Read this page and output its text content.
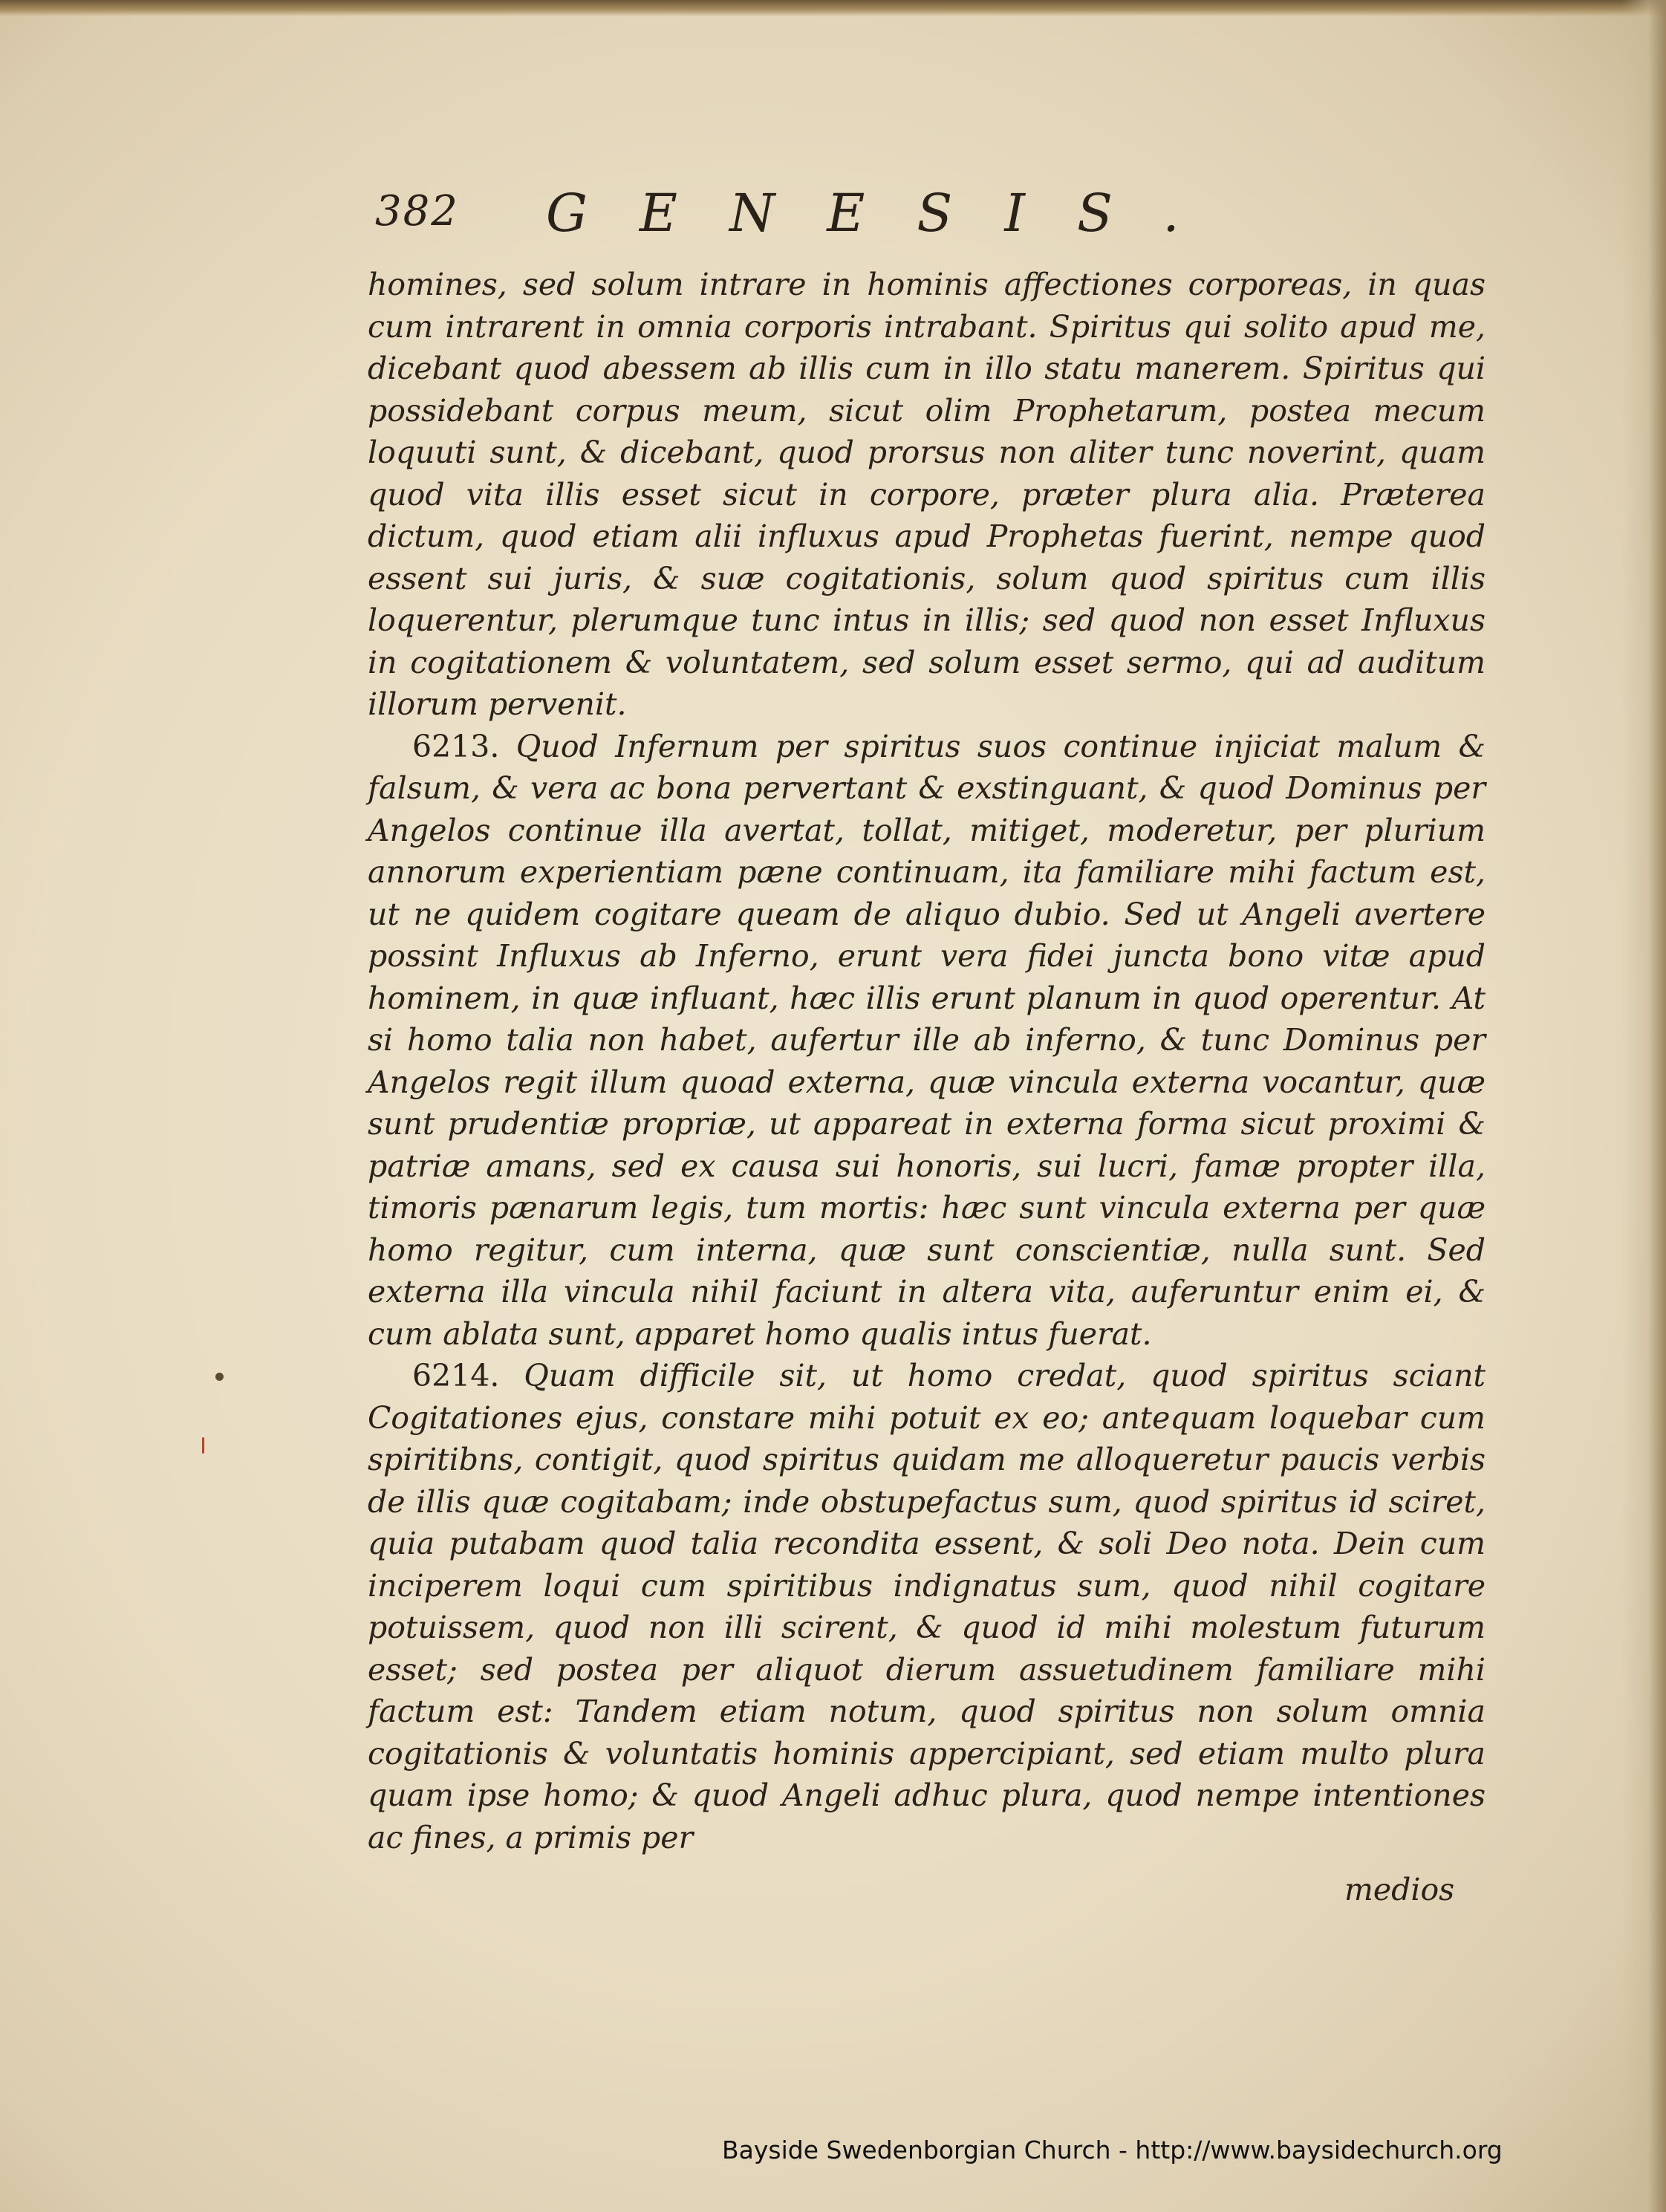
382 GENESIS.

homines, sed solum intrare in hominis affectiones corporeas, in quas cum intrarent in omnia corporis intrabant. Spiritus qui solito apud me, dicebant quod abessem ab illis cum in illo statu manerem. Spiritus qui possidebant corpus meum, sicut olim Prophetarum, postea mecum loquuti sunt, & dicebant, quod prorsus non aliter tunc noverint, quam quod vita illis esset sicut in corpore, præter plura alia. Præterea dictum, quod etiam alii influxus apud Prophetas fuerint, nempe quod essent sui juris, & suæ cogitationis, solum quod spiritus cum illis loquerentur, plerumque tunc intus in illis; sed quod non esset Influxus in cogitationem & voluntatem, sed solum esset sermo, qui ad auditum illorum pervenit.

6213. Quod Infernum per spiritus suos continue injiciat malum & falsum, & vera ac bona pervertant & exstinguant, & quod Dominus per Angelos continue illa avertat, tollat, mitiget, moderetur, per plurium annorum experientiam pæne continuam, ita familiare mihi factum est, ut ne quidem cogitare queam de aliquo dubio. Sed ut Angeli avertere possint Influxus ab Inferno, erunt vera fidei juncta bono vitæ apud hominem, in quæ influant, hæc illis erunt planum in quod operentur. At si homo talia non habet, aufertur ille ab inferno, & tunc Dominus per Angelos regit illum quoad externa, quæ vincula externa vocantur, quæ sunt prudentiæ propriæ, ut appareat in externa forma sicut proximi & patriæ amans, sed ex causa sui honoris, sui lucri, famæ propter illa, timoris pænarum legis, tum mortis: hæc sunt vincula externa per quæ homo regitur, cum interna, quæ sunt conscientiæ, nulla sunt. Sed externa illa vincula nihil faciunt in altera vita, auferuntur enim ei, & cum ablata sunt, apparet homo qualis intus fuerat.

6214. Quam difficile sit, ut homo credat, quod spiritus sciant Cogitationes ejus, constare mihi potuit ex eo; antequam loquebar cum spiritibns, contigit, quod spiritus quidam me alloqueretur paucis verbis de illis quæ cogitabam; inde obstupefactus sum, quod spiritus id sciret, quia putabam quod talia recondita essent, & soli Deo nota. Dein cum inciperem loqui cum spiritibus indignatus sum, quod nihil cogitare potuissem, quod non illi scirent, & quod id mihi molestum futurum esset; sed postea per aliquot dierum assuetudinem familiare mihi factum est: Tandem etiam notum, quod spiritus non solum omnia cogitationis & voluntatis hominis appercipiant, sed etiam multo plura quam ipse homo; & quod Angeli adhuc plura, quod nempe intentiones ac fines, a primis per

medios
Bayside Swedenborgian Church - http://www.baysidechurch.org
